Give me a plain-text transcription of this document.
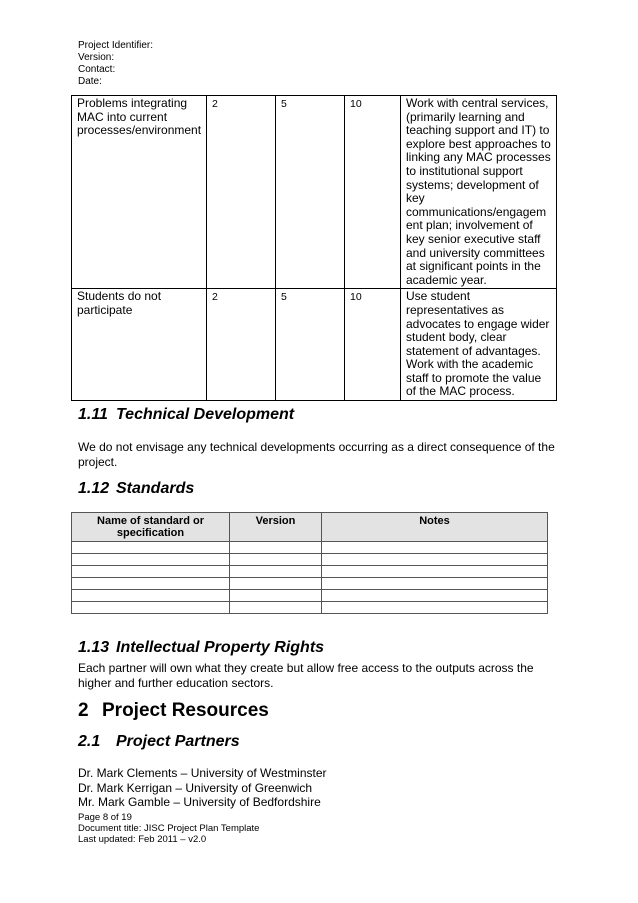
Project Identifier:
Version:
Contact:
Date:
Problems integrating MAC into current processes/environment	2	5	10	Work with central services, (primarily learning and teaching support and IT) to explore best approaches to linking any MAC processes to institutional support systems; development of key communications/engagement plan; involvement of key senior executive staff and university committees at significant points in the academic year.
Students do not participate	2	5	10	Use student representatives as advocates to engage wider student body, clear statement of advantages. Work with the academic staff to promote the value of the MAC process.
1.11 Technical Development
We do not envisage any technical developments occurring as a direct consequence of the project.
1.12 Standards
Name of standard or specification	Version	Notes

1.13 Intellectual Property Rights
Each partner will own what they create but allow free access to the outputs across the higher and further education sectors.
2 Project Resources
2.1 Project Partners
Dr. Mark Clements – University of Westminster
Dr. Mark Kerrigan – University of Greenwich
Mr. Mark Gamble – University of Bedfordshire
Page 8 of 19
Document title: JISC Project Plan Template
Last updated: Feb 2011 – v2.0
